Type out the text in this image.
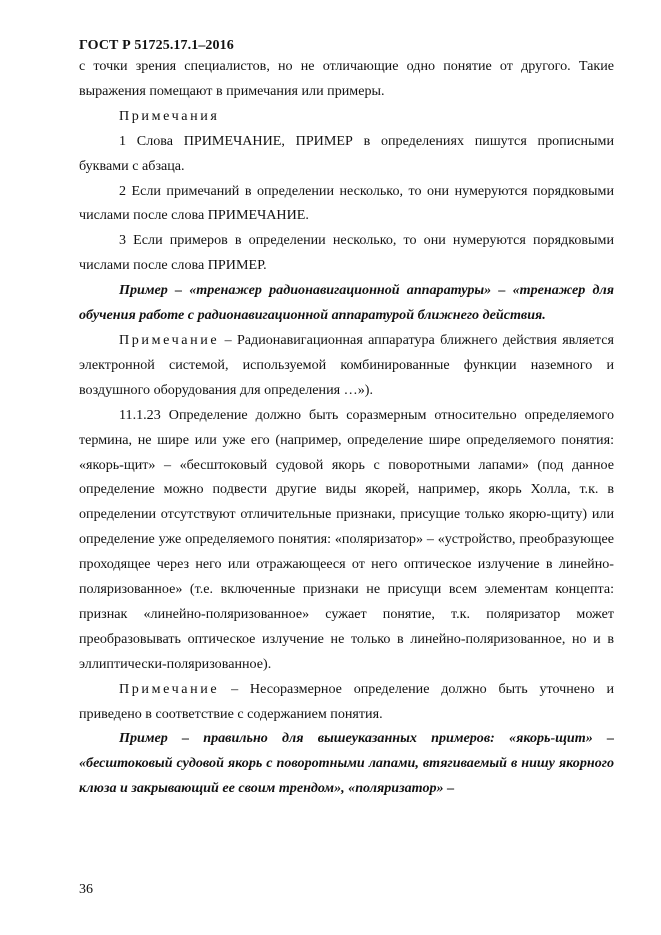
ГОСТ Р 51725.17.1–2016

с точки зрения специалистов, но не отличающие одно понятие от другого. Такие выражения помещают в примечания или примеры.

Примечания

1 Слова ПРИМЕЧАНИЕ, ПРИМЕР в определениях пишутся прописными буквами с абзаца.

2 Если примечаний в определении несколько, то они нумеруются порядковыми числами после слова ПРИМЕЧАНИЕ.

3 Если примеров в определении несколько, то они нумеруются порядковыми числами после слова ПРИМЕР.

Пример – «тренажер радионавигационной аппаратуры» – «тренажер для обучения работе с радионавигационной аппаратурой ближнего действия.

Примечание – Радионавигационная аппаратура ближнего действия является электронной системой, используемой комбинированные функции наземного и воздушного оборудования для определения …»).

11.1.23 Определение должно быть соразмерным относительно определяемого термина, не шире или уже его (например, определение шире определяемого понятия: «якорь-щит» – «бесштоковый судовой якорь с поворотными лапами» (под данное определение можно подвести другие виды якорей, например, якорь Холла, т.к. в определении отсутствуют отличительные признаки, присущие только якорю-щиту) или определение уже определяемого понятия: «поляризатор» – «устройство, преобразующее проходящее через него или отражающееся от него оптическое излучение в линейно-поляризованное» (т.е. включенные признаки не присущи всем элементам концепта: признак «линейно-поляризованное» сужает понятие, т.к. поляризатор может преобразовывать оптическое излучение не только в линейно-поляризованное, но и в эллиптически-поляризованное).

Примечание – Несоразмерное определение должно быть уточнено и приведено в соответствие с содержанием понятия.

Пример – правильно для вышеуказанных примеров: «якорь-щит» – «бесштоковый судовой якорь с поворотными лапами, втягиваемый в нишу якорного клюза и закрывающий ее своим трендом», «поляризатор» –

36
